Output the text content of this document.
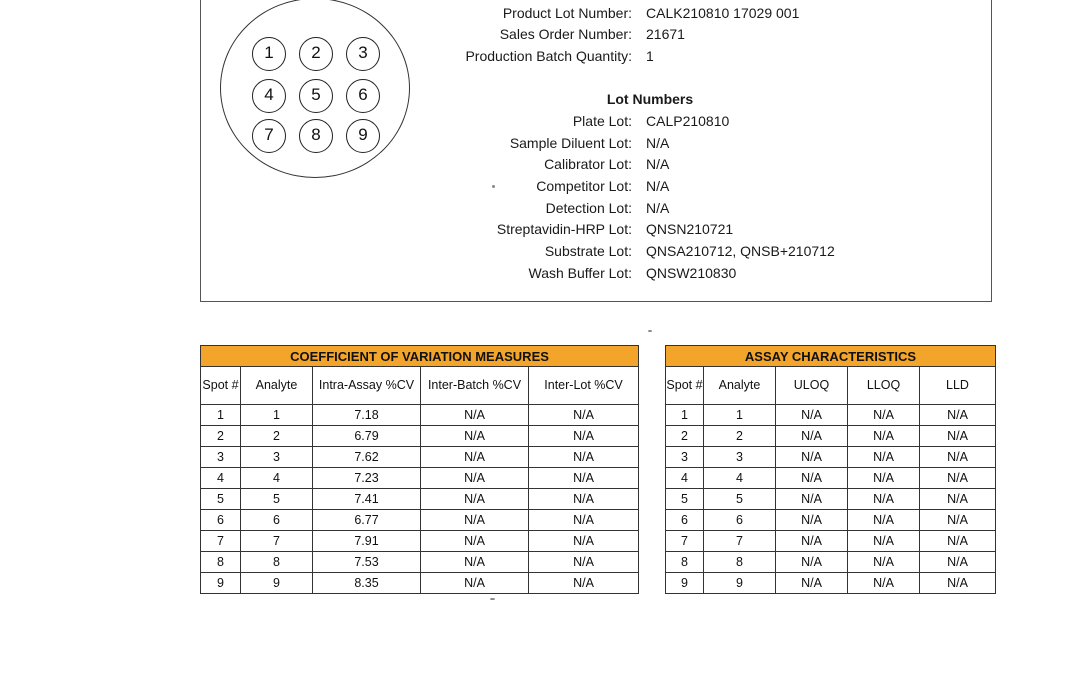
1	2	3
4	5	6
7	8	9
Product Lot Number: CALK210810 17029 001
Sales Order Number: 21671
Production Batch Quantity: 1
Lot Numbers
Plate Lot: CALP210810
Sample Diluent Lot: N/A
Calibrator Lot: N/A
Competitor Lot: N/A
Detection Lot: N/A
Streptavidin-HRP Lot: QNSN210721
Substrate Lot: QNSA210712, QNSB+210712
Wash Buffer Lot: QNSW210830
COEFFICIENT OF VARIATION MEASURES				
Spot #	Analyte	Intra-Assay %CV	Inter-Batch %CV	Inter-Lot %CV
1	1	7.18	N/A	N/A
2	2	6.79	N/A	N/A
3	3	7.62	N/A	N/A
4	4	7.23	N/A	N/A
5	5	7.41	N/A	N/A
6	6	6.77	N/A	N/A
7	7	7.91	N/A	N/A
8	8	7.53	N/A	N/A
9	9	8.35	N/A	N/A
ASSAY CHARACTERISTICS				
Spot #	Analyte	ULOQ	LLOQ	LLD
1	1	N/A	N/A	N/A
2	2	N/A	N/A	N/A
3	3	N/A	N/A	N/A
4	4	N/A	N/A	N/A
5	5	N/A	N/A	N/A
6	6	N/A	N/A	N/A
7	7	N/A	N/A	N/A
8	8	N/A	N/A	N/A
9	9	N/A	N/A	N/A
